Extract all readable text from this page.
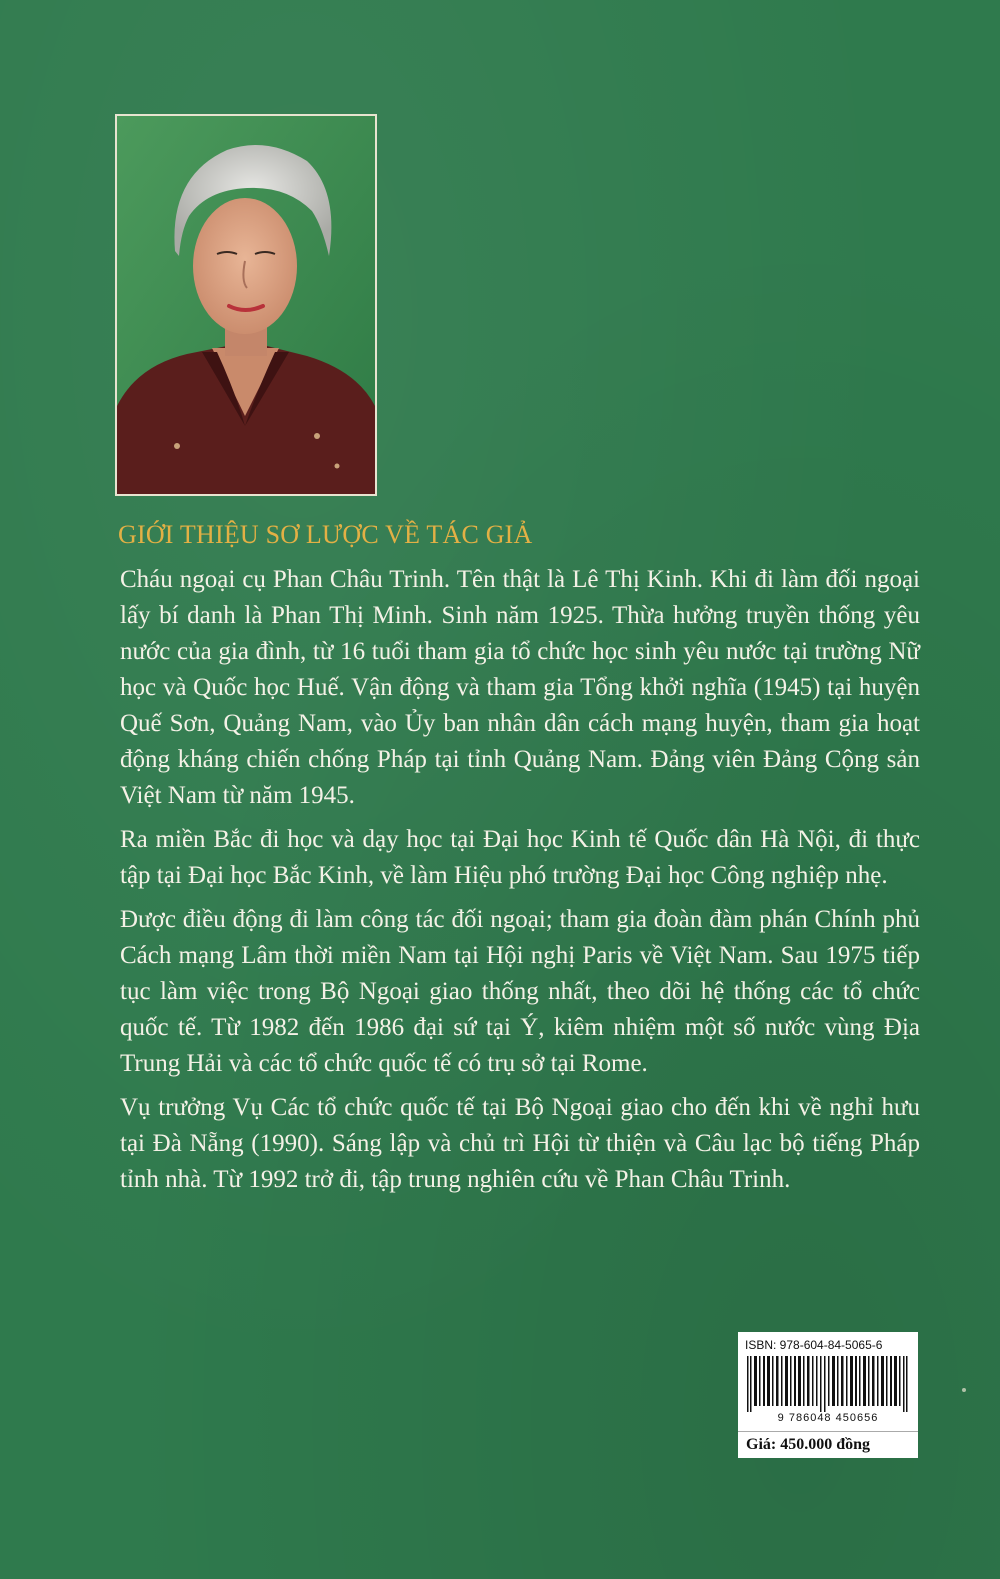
GIỚI THIỆU SƠ LƯỢC VỀ TÁC GIẢ

Cháu ngoại cụ Phan Châu Trinh. Tên thật là Lê Thị Kinh. Khi đi làm đối ngoại lấy bí danh là Phan Thị Minh. Sinh năm 1925. Thừa hưởng truyền thống yêu nước của gia đình, từ 16 tuổi tham gia tổ chức học sinh yêu nước tại trường Nữ học và Quốc học Huế. Vận động và tham gia Tổng khởi nghĩa (1945) tại huyện Quế Sơn, Quảng Nam, vào Ủy ban nhân dân cách mạng huyện, tham gia hoạt động kháng chiến chống Pháp tại tỉnh Quảng Nam. Đảng viên Đảng Cộng sản Việt Nam từ năm 1945.

Ra miền Bắc đi học và dạy học tại Đại học Kinh tế Quốc dân Hà Nội, đi thực tập tại Đại học Bắc Kinh, về làm Hiệu phó trường Đại học Công nghiệp nhẹ.

Được điều động đi làm công tác đối ngoại; tham gia đoàn đàm phán Chính phủ Cách mạng Lâm thời miền Nam tại Hội nghị Paris về Việt Nam. Sau 1975 tiếp tục làm việc trong Bộ Ngoại giao thống nhất, theo dõi hệ thống các tổ chức quốc tế. Từ 1982 đến 1986 đại sứ tại Ý, kiêm nhiệm một số nước vùng Địa Trung Hải và các tổ chức quốc tế có trụ sở tại Rome.

Vụ trưởng Vụ Các tổ chức quốc tế tại Bộ Ngoại giao cho đến khi về nghỉ hưu tại Đà Nẵng (1990). Sáng lập và chủ trì Hội từ thiện và Câu lạc bộ tiếng Pháp tỉnh nhà. Từ 1992 trở đi, tập trung nghiên cứu về Phan Châu Trinh.

ISBN: 978-604-84-5065-6
9 786048 450656
Giá: 450.000 đồng
